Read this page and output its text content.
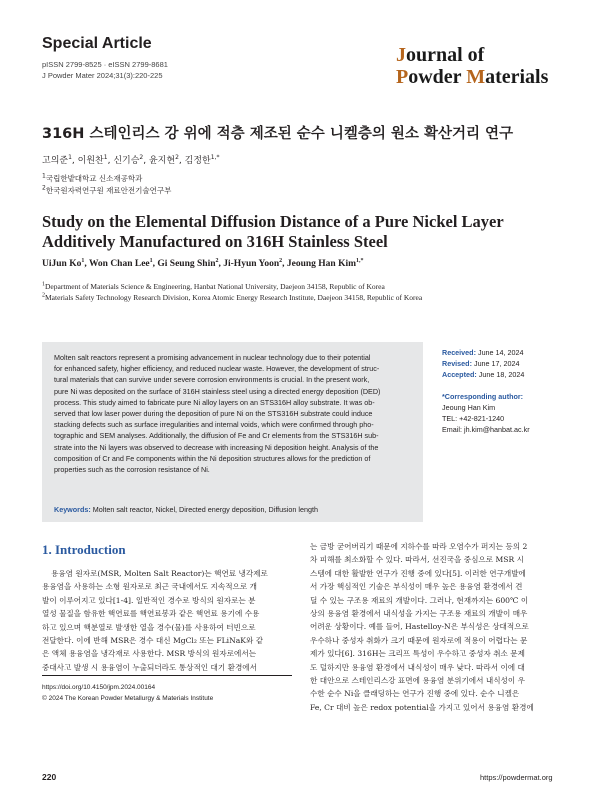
Special Article
pISSN 2799-8525 · eISSN 2799-8681
J Powder Mater 2024;31(3):220-225
Journal of
Powder Materials
316H 스테인리스 강 위에 적층 제조된 순수 니켈층의 원소 확산거리 연구
고의준$^1$, 이원찬$^1$, 신기승$^2$, 윤지현$^2$, 김정한$^{1,*}$
$^1$국립한밭대학교 신소재공학과
$^2$한국원자력연구원 재료안전기술연구부
Study on the Elemental Diffusion Distance of a Pure Nickel Layer
Additively Manufactured on 316H Stainless Steel
UiJun Ko$^1$, Won Chan Lee$^1$, Gi Seung Shin$^2$, Ji-Hyun Yoon$^2$, Jeoung Han Kim$^{1,*}$
$^1$Department of Materials Science & Engineering, Hanbat National University, Daejeon 34158, Republic of Korea
$^2$Materials Safety Technology Research Division, Korea Atomic Energy Research Institute, Daejeon 34158, Republic of Korea
Molten salt reactors represent a promising advancement in nuclear technology due to their potential
for enhanced safety, higher efficiency, and reduced nuclear waste. However, the development of struc-
tural materials that can survive under severe corrosion environments is crucial. In the present work,
pure Ni was deposited on the surface of 316H stainless steel using a directed energy deposition (DED)
process. This study aimed to fabricate pure Ni alloy layers on an STS316H alloy substrate. It was ob-
served that low laser power during the deposition of pure Ni on the STS316H substrate could induce
stacking defects such as surface irregularities and internal voids, which were confirmed through pho-
tographic and SEM analyses. Additionally, the diffusion of Fe and Cr elements from the STS316H sub-
strate into the Ni layers was observed to decrease with increasing Ni deposition height. Analysis of the
composition of Cr and Fe components within the Ni deposition structures allows for the prediction of
properties such as the corrosion resistance of Ni.
Keywords: Molten salt reactor, Nickel, Directed energy deposition, Diffusion length
Received: June 14, 2024
Revised: June 17, 2024
Accepted: June 18, 2024
*Corresponding author:
Jeoung Han Kim
TEL: +42-821-1240
Email: jh.kim@hanbat.ac.kr
1. Introduction
용융염 원자로(MSR, Molten Salt Reactor)는 핵연료 냉각제로
용융염을 사용하는 소형 원자로로 최근 국내에서도 지속적으로 개
발이 이루어지고 있다[1-4]. 일반적인 경수로 방식의 원자로는 분
열성 물질을 함유한 핵연료를 핵연료봉과 같은 핵연료 용기에 수용
하고 있으며 핵분열로 발생한 열을 경수(물)를 사용하여 터빈으로
전달한다. 이에 반해 MSR은 경수 대신 MgCl₂ 또는 FLiNaK와 같
은 액체 용융염을 냉각재로 사용한다. MSR 방식의 원자로에서는
중대사고 발생 시 용융염이 누출되더라도 통상적인 대기 환경에서
는 금방 굳어버리기 때문에 지하수를 따라 오염수가 퍼지는 등의 2
차 피해를 최소화할 수 있다. 따라서, 선진국을 중심으로 MSR 시
스템에 대한 활발한 연구가 진행 중에 있다[5]. 이러한 연구개발에
서 가장 핵심적인 기술은 부식성이 매우 높은 용융염 환경에서 견
딜 수 있는 구조용 재료의 개발이다. 그러나, 현재까지는 600℃ 이
상의 용융염 환경에서 내식성을 가지는 구조용 재료의 개발이 매우
어려운 상황이다. 예를 들어, Hastelloy-N은 부식성은 상대적으로
우수하나 중성자 취화가 크기 때문에 원자로에 적용이 어렵다는 문
제가 있다[6]. 316H는 크리프 특성이 우수하고 중성자 취소 문제
도 덜하지만 용융염 환경에서 내식성이 매우 낮다. 따라서 이에 대
한 대안으로 스테인리스강 표면에 용융염 분위기에서 내식성이 우
수한 순수 Ni을 클래딩하는 연구가 진행 중에 있다. 순수 니켈은
Fe, Cr 대비 높은 redox potential을 가지고 있어서 용융염 환경에
https://doi.org/10.4150/jpm.2024.00164
© 2024 The Korean Powder Metallurgy & Materials Institute
220	https://powdermat.org
